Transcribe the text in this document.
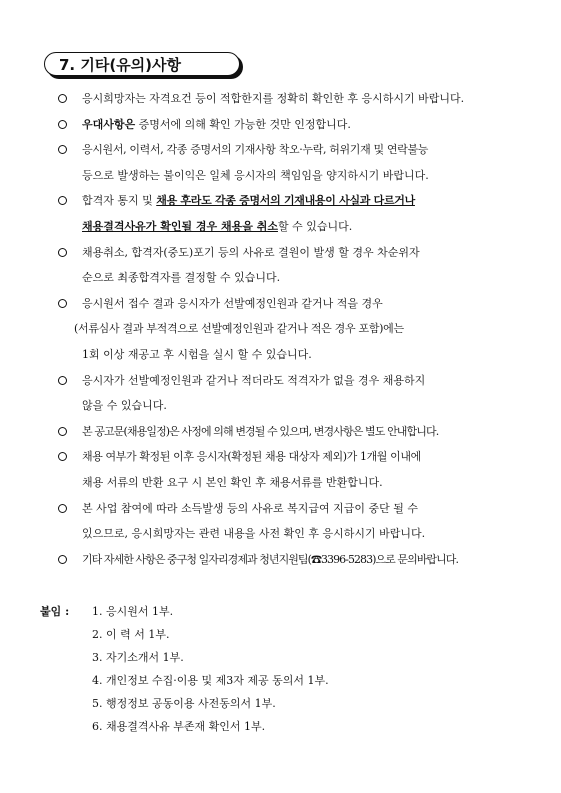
7. 기타(유의)사항
응시희망자는 자격요건 등이 적합한지를 정확히 확인한 후 응시하시기 바랍니다.
우대사항은 증명서에 의해 확인 가능한 것만 인정합니다.
응시원서, 이력서, 각종 증명서의 기재사항 착오·누락, 허위기재 및 연락불능
등으로 발생하는 불이익은 일체 응시자의 책임임을 양지하시기 바랍니다.
합격자 통지 및 채용 후라도 각종 증명서의 기재내용이 사실과 다르거나
채용결격사유가 확인될 경우 채용을 취소할 수 있습니다.
채용취소, 합격자(중도)포기 등의 사유로 결원이 발생 할 경우 차순위자
순으로 최종합격자를 결정할 수 있습니다.
응시원서 접수 결과 응시자가 선발예정인원과 같거나 적을 경우
(서류심사 결과 부적격으로 선발예정인원과 같거나 적은 경우 포함)에는
1회 이상 재공고 후 시험을 실시 할 수 있습니다.
응시자가 선발예정인원과 같거나 적더라도 적격자가 없을 경우 채용하지
않을 수 있습니다.
본 공고문(채용일정)은 사정에 의해 변경될 수 있으며, 변경사항은 별도 안내합니다.
채용 여부가 확정된 이후 응시자(확정된 채용 대상자 제외)가 1개월 이내에
채용 서류의 반환 요구 시 본인 확인 후 채용서류를 반환합니다.
본 사업 참여에 따라 소득발생 등의 사유로 복지급여 지급이 중단 될 수
있으므로, 응시희망자는 관련 내용을 사전 확인 후 응시하시기 바랍니다.
기타 자세한 사항은 중구청 일자리경제과 청년지원팀(☎3396-5283)으로 문의바랍니다.
붙임 : 1. 응시원서 1부.
2. 이 력 서 1부.
3. 자기소개서 1부.
4. 개인정보 수집·이용 및 제3자 제공 동의서 1부.
5. 행정정보 공동이용 사전동의서 1부.
6. 채용결격사유 부존재 확인서 1부.
